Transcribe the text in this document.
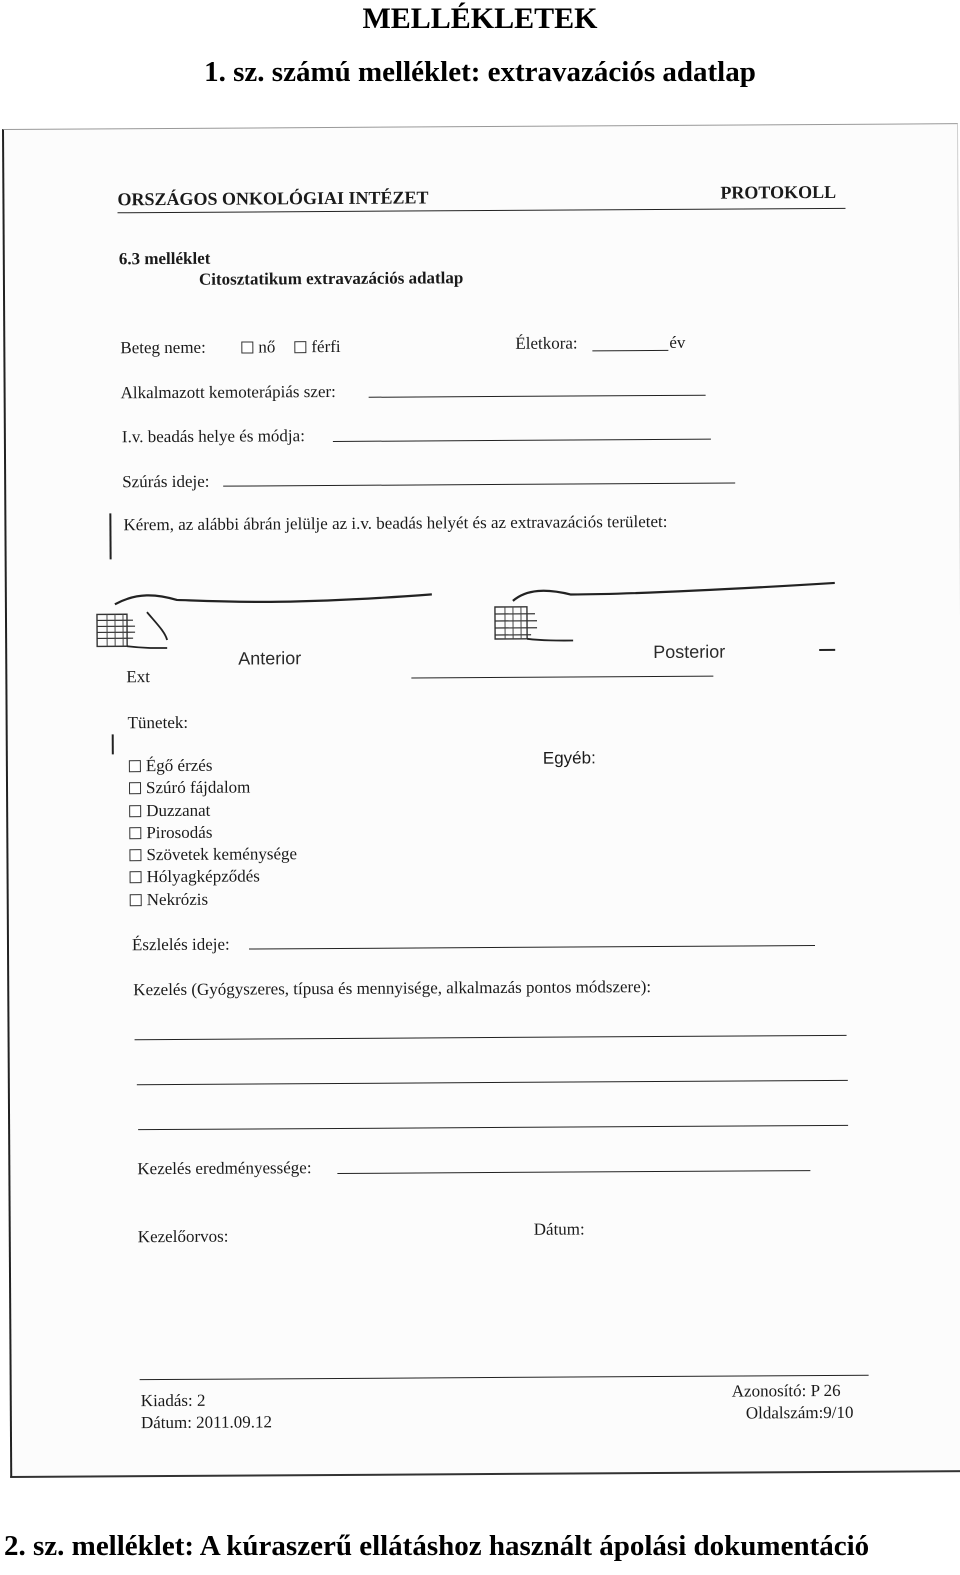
MELLÉKLETEK
1. sz. számú melléklet: extravazációs adatlap
ORSZÁGOS ONKOLÓGIAI INTÉZET	PROTOKOLL
6.3 melléklet
Citosztatikum extravazációs adatlap
Beteg neme:	nő	férfi	Életkora:	év
Alkalmazott kemoterápiás szer:
I.v. beadás helye és módja:
Szúrás ideje:
Kérem, az alábbi ábrán jelülje az i.v. beadás helyét és az extravazációs területet:
Anterior	Posterior
Ext
Tünetek:
Égő érzés
Szúró fájdalom
Duzzanat
Pirosodás
Szövetek keménysége
Hólyagképződés
Nekrózis
Egyéb:
Észlelés ideje:
Kezelés (Gyógyszeres, típusa és mennyisége, alkalmazás pontos módszere):
Kezelés eredményessége:
Kezelőorvos:	Dátum:
Kiadás: 2
Dátum: 2011.09.12
Azonosító: P 26
Oldalszám:9/10
2. sz. melléklet: A kúraszerű ellátáshoz használt ápolási dokumentáció
